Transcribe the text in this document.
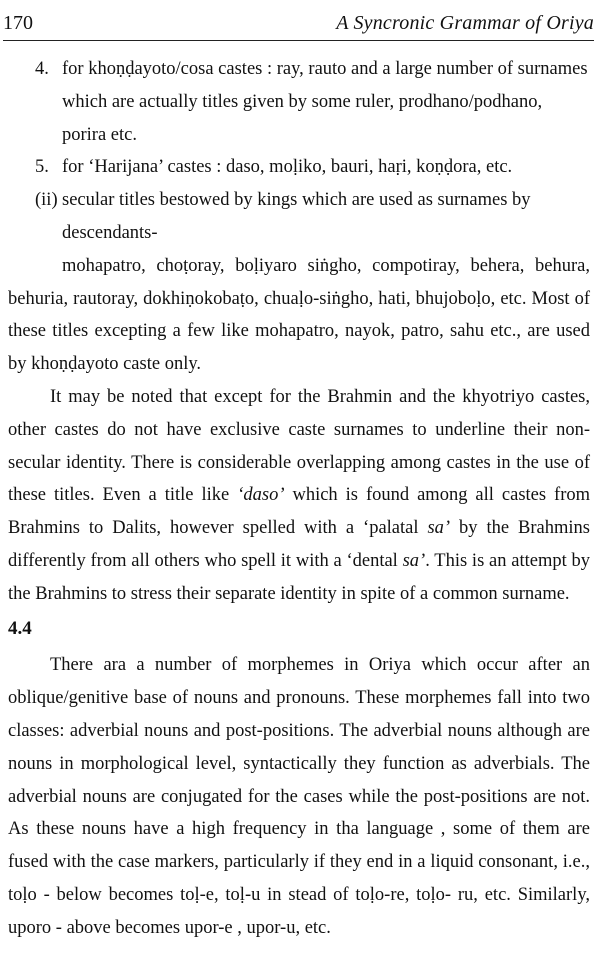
170	A Syncronic Grammar of Oriya

4. for khoṇḍayoto/cosa castes : ray, rauto and a large number of surnames which are actually titles given by some ruler, prodhano/podhano, porira etc.

5. for ‘Harijana’ castes : daso, moḷiko, bauri, haṛi, koṇḍora, etc.

(ii) secular titles bestowed by kings which are used as surnames by descendants-

mohapatro, choṭoray, boḷiyaro siṅgho, compotiray, behera, behura, behuria, rautoray, dokhiṇokobaṭo, chuaḷo-siṅgho, hati, bhujoboḷo, etc. Most of these titles excepting a few like mohapatro, nayok, patro, sahu etc., are used by khoṇḍayoto caste only.

It may be noted that except for the Brahmin and the khyotriyo castes, other castes do not have exclusive caste surnames to underline their non-secular identity. There is considerable overlapping among castes in the use of these titles. Even a title like ‘daso’ which is found among all castes from Brahmins to Dalits, however spelled with a ‘palatal sa’ by the Brahmins differently from all others who spell it with a ‘dental sa’. This is an attempt by the Brahmins to stress their separate identity in spite of a common surname.

4.4

There ara a number of morphemes in Oriya which occur after an oblique/genitive base of nouns and pronouns. These morphemes fall into two classes: adverbial nouns and post-positions. The adverbial nouns although are nouns in morphological level, syntactically they function as adverbials. The adverbial nouns are conjugated for the cases while the post-positions are not. As these nouns have a high frequency in tha language , some of them are fused with the case markers, particularly if they end in a liquid consonant, i.e., toḷo - below becomes toḷ-e, toḷ-u in stead of toḷo-re, toḷo- ru, etc. Similarly, uporo - above becomes upor-e , upor-u, etc.
